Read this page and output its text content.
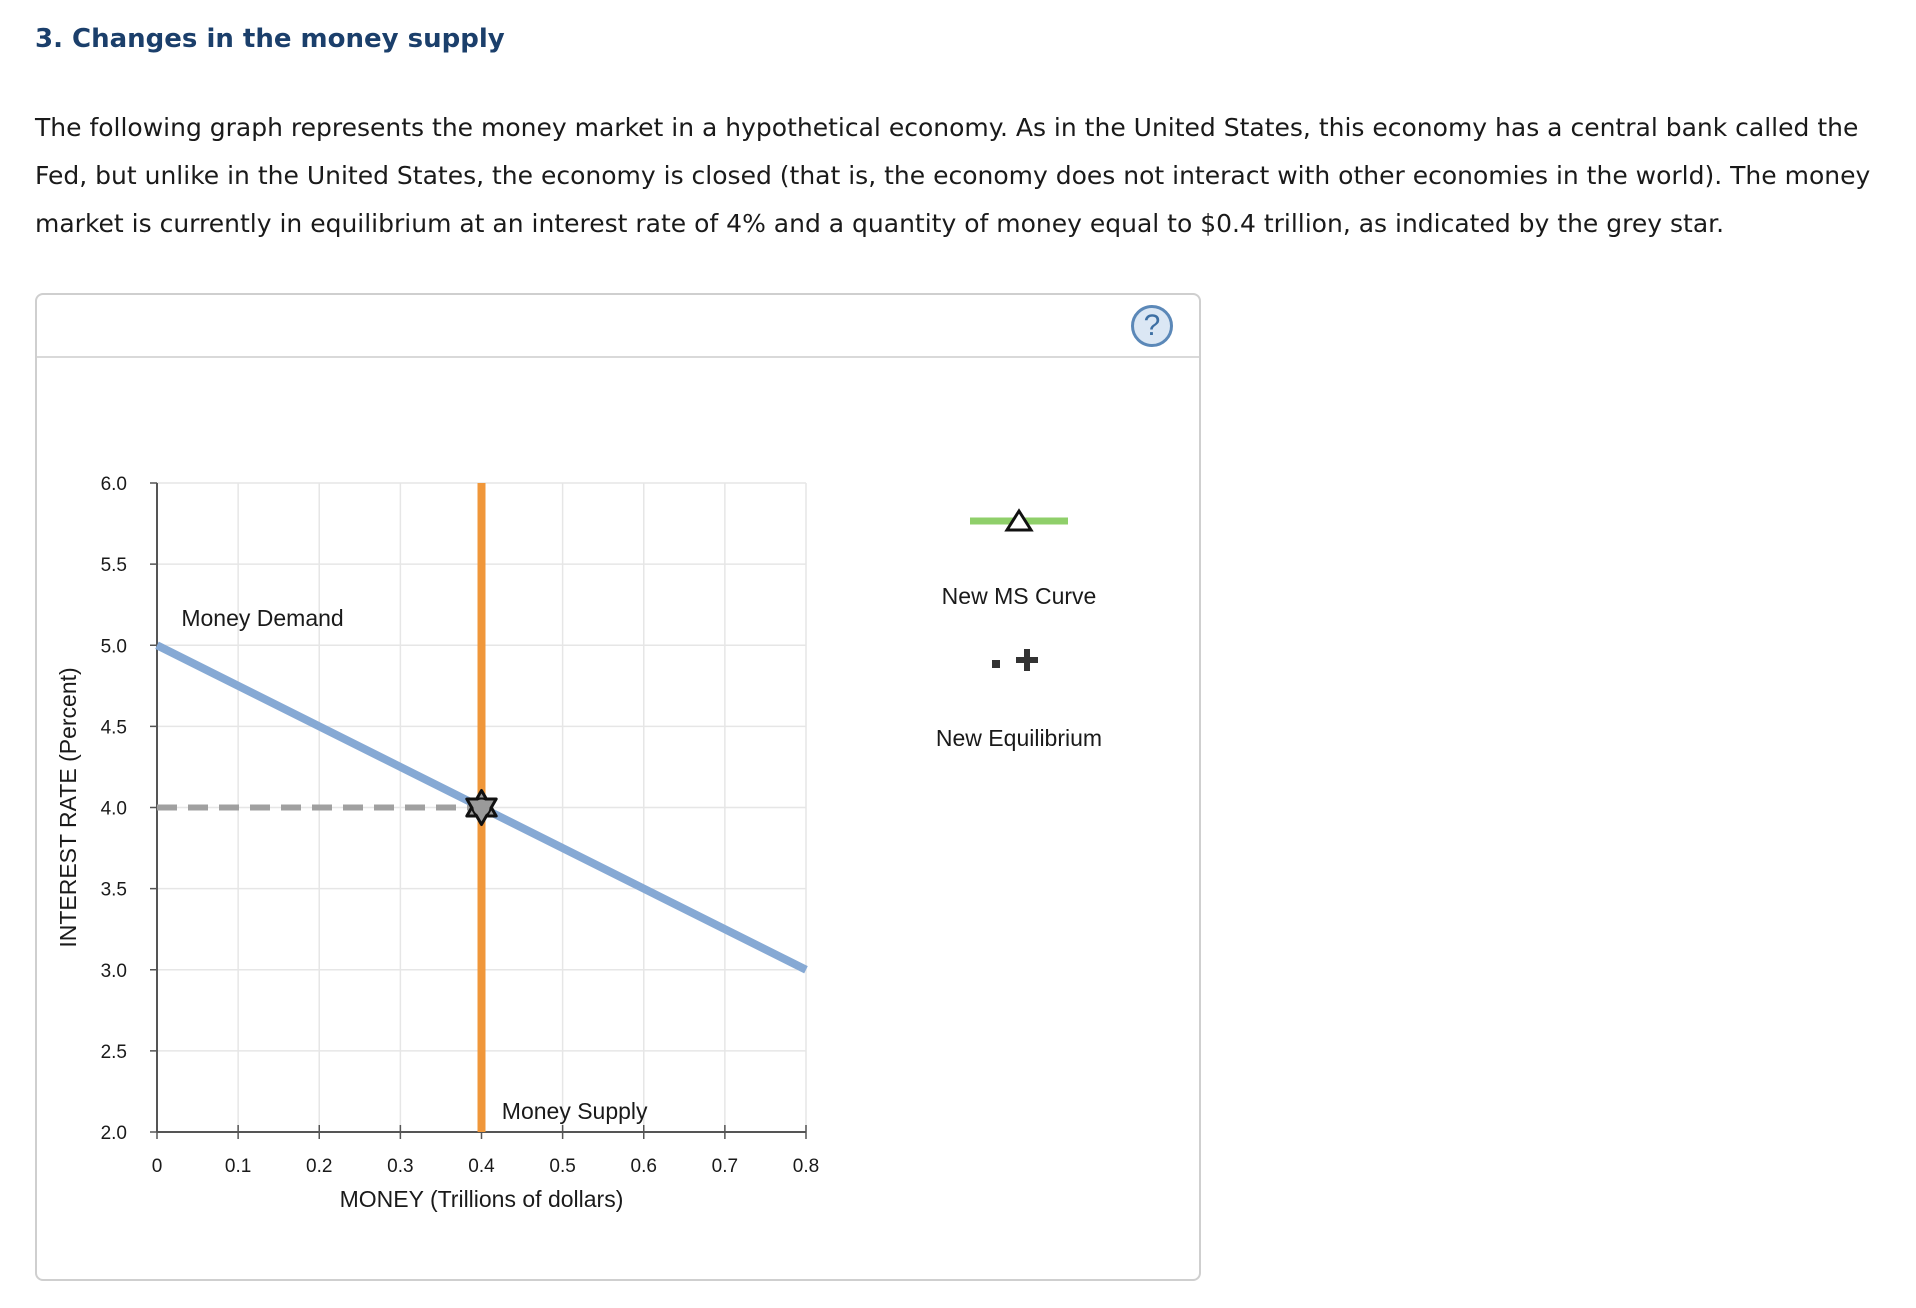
3. Changes in the money supply

The following graph represents the money market in a hypothetical economy. As in the United States, this economy has a central bank called the Fed, but unlike in the United States, the economy is closed (that is, the economy does not interact with other economies in the world). The money market is currently in equilibrium at an interest rate of 4% and a quantity of money equal to $0.4 trillion, as indicated by the grey star.

?
0	0.1	0.2	0.3	0.4	0.5	0.6	0.7	0.8
2.0
2.5
3.0
3.5
4.0
4.5
5.0
5.5
6.0
MONEY (Trillions of dollars)
INTEREST RATE (Percent)
Money Demand
Money Supply
New MS Curve
New Equilibrium
